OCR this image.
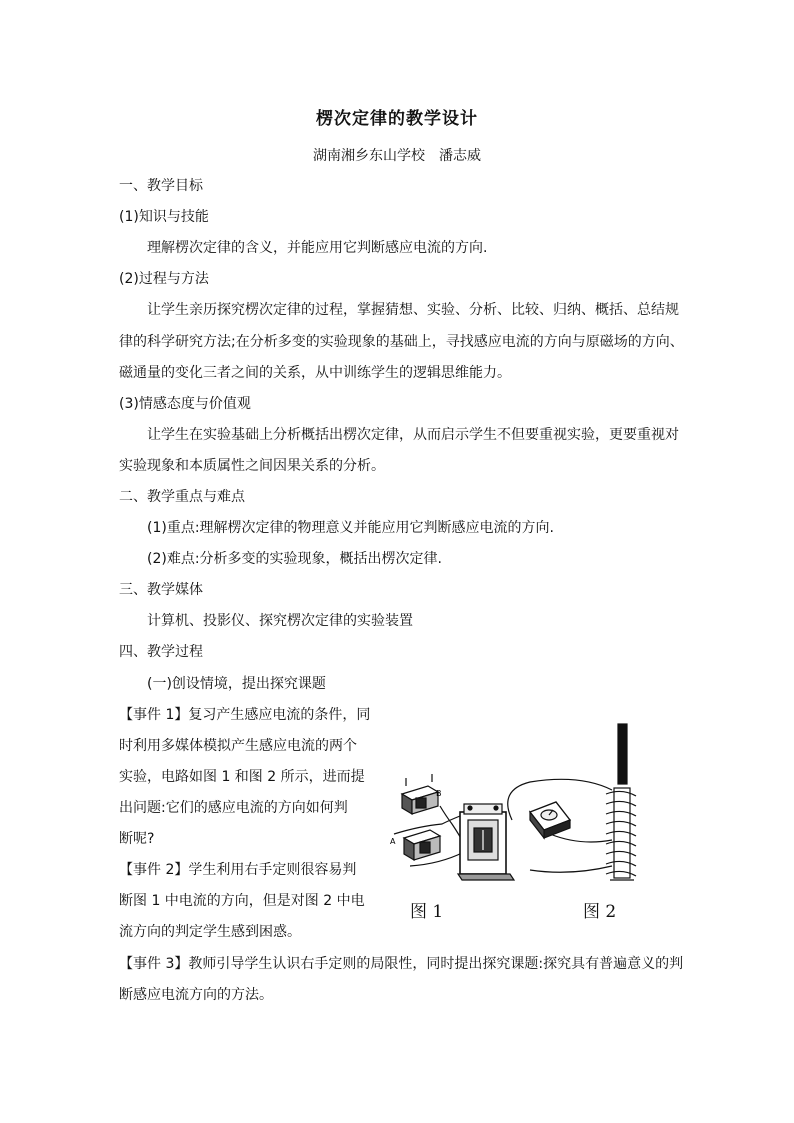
楞次定律的教学设计
湖南湘乡东山学校　潘志威
一、教学目标
(1)知识与技能
理解楞次定律的含义，并能应用它判断感应电流的方向.
(2)过程与方法
让学生亲历探究楞次定律的过程，掌握猜想、实验、分析、比较、归纳、概括、总结规
律的科学研究方法;在分析多变的实验现象的基础上，寻找感应电流的方向与原磁场的方向、
磁通量的变化三者之间的关系，从中训练学生的逻辑思维能力。
(3)情感态度与价值观
让学生在实验基础上分析概括出楞次定律，从而启示学生不但要重视实验，更要重视对
实验现象和本质属性之间因果关系的分析。
二、教学重点与难点
(1)重点:理解楞次定律的物理意义并能应用它判断感应电流的方向.
(2)难点:分析多变的实验现象，概括出楞次定律.
三、教学媒体
计算机、投影仪、探究楞次定律的实验装置
四、教学过程
(一)创设情境，提出探究课题
【事件 1】复习产生感应电流的条件，同
时利用多媒体模拟产生感应电流的两个
实验，电路如图 1 和图 2 所示，进而提
出问题:它们的感应电流的方向如何判
断呢?
【事件 2】学生利用右手定则很容易判
断图 1 中电流的方向，但是对图 2 中电
流方向的判定学生感到困惑。
【事件 3】教师引导学生认识右手定则的局限性，同时提出探究课题:探究具有普遍意义的判
断感应电流方向的方法。
A
B
图 1	图 2
